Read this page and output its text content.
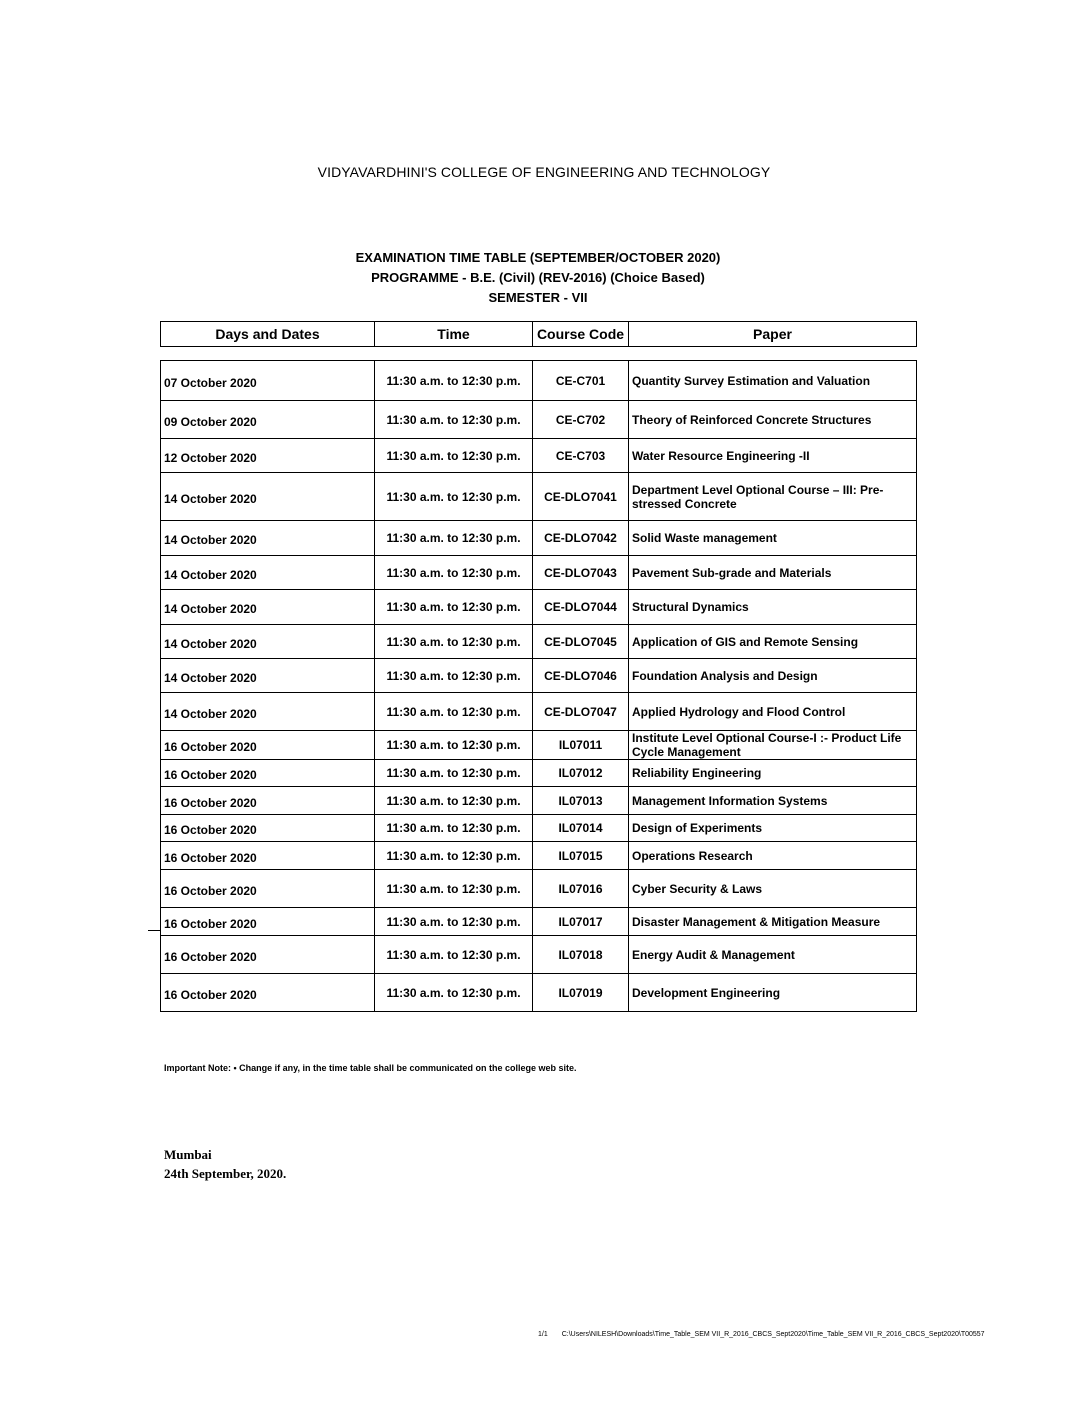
VIDYAVARDHINI'S COLLEGE OF ENGINEERING AND TECHNOLOGY
EXAMINATION TIME TABLE (SEPTEMBER/OCTOBER 2020)
PROGRAMME - B.E. (Civil) (REV-2016) (Choice Based)
SEMESTER - VII
Days and Dates	Time	Course Code	Paper
07 October 2020	11:30 a.m. to 12:30 p.m.	CE-C701	Quantity Survey Estimation and Valuation
09 October 2020	11:30 a.m. to 12:30 p.m.	CE-C702	Theory of Reinforced Concrete Structures
12 October 2020	11:30 a.m. to 12:30 p.m.	CE-C703	Water Resource Engineering -II
14 October 2020	11:30 a.m. to 12:30 p.m.	CE-DLO7041	Department Level Optional Course – III: Pre-stressed Concrete
14 October 2020	11:30 a.m. to 12:30 p.m.	CE-DLO7042	Solid Waste management
14 October 2020	11:30 a.m. to 12:30 p.m.	CE-DLO7043	Pavement Sub-grade and Materials
14 October 2020	11:30 a.m. to 12:30 p.m.	CE-DLO7044	Structural Dynamics
14 October 2020	11:30 a.m. to 12:30 p.m.	CE-DLO7045	Application of GIS and Remote Sensing
14 October 2020	11:30 a.m. to 12:30 p.m.	CE-DLO7046	Foundation Analysis and Design
14 October 2020	11:30 a.m. to 12:30 p.m.	CE-DLO7047	Applied Hydrology and Flood Control
16 October 2020	11:30 a.m. to 12:30 p.m.	IL07011	Institute Level Optional Course-I :- Product Life Cycle Management
16 October 2020	11:30 a.m. to 12:30 p.m.	IL07012	Reliability Engineering
16 October 2020	11:30 a.m. to 12:30 p.m.	IL07013	Management Information Systems
16 October 2020	11:30 a.m. to 12:30 p.m.	IL07014	Design of Experiments
16 October 2020	11:30 a.m. to 12:30 p.m.	IL07015	Operations Research
16 October 2020	11:30 a.m. to 12:30 p.m.	IL07016	Cyber Security & Laws
16 October 2020	11:30 a.m. to 12:30 p.m.	IL07017	Disaster Management & Mitigation Measure
16 October 2020	11:30 a.m. to 12:30 p.m.	IL07018	Energy Audit & Management
16 October 2020	11:30 a.m. to 12:30 p.m.	IL07019	Development Engineering
Important Note: • Change if any, in the time table shall be communicated on the college web site.
Mumbai
24th September, 2020.
1/1 C:\Users\NILESH\Downloads\Time_Table_SEM VII_R_2016_CBCS_Sept2020\Time_Table_SEM VII_R_2016_CBCS_Sept2020\T00557
